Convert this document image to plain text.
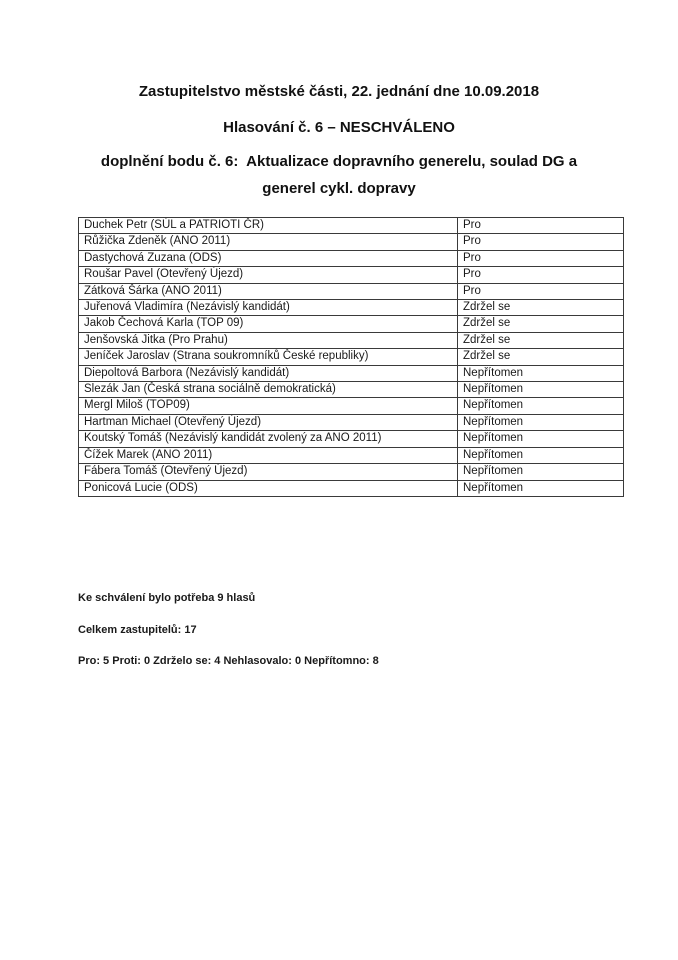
Zastupitelstvo městské části, 22. jednání dne 10.09.2018
Hlasování č. 6 – NESCHVÁLENO
doplnění bodu č. 6:  Aktualizace dopravního generelu, soulad DG a
generel cykl. dopravy
Duchek Petr (SÚL a PATRIOTI ČR)	Pro
Růžička Zdeněk (ANO 2011)	Pro
Dastychová Zuzana (ODS)	Pro
Roušar Pavel (Otevřený Újezd)	Pro
Zátková Šárka (ANO 2011)	Pro
Juřenová Vladimíra (Nezávislý kandidát)	Zdržel se
Jakob Čechová Karla (TOP 09)	Zdržel se
Jenšovská Jitka (Pro Prahu)	Zdržel se
Jeníček Jaroslav (Strana soukromníků České republiky)	Zdržel se
Diepoltová Barbora (Nezávislý kandidát)	Nepřítomen
Slezák Jan (Česká strana sociálně demokratická)	Nepřítomen
Mergl Miloš (TOP09)	Nepřítomen
Hartman Michael (Otevřený Újezd)	Nepřítomen
Koutský Tomáš (Nezávislý kandidát zvolený za ANO 2011)	Nepřítomen
Čížek Marek (ANO 2011)	Nepřítomen
Fábera Tomáš (Otevřený Újezd)	Nepřítomen
Ponicová Lucie (ODS)	Nepřítomen
Ke schválení bylo potřeba 9 hlasů
Celkem zastupitelů: 17
Pro: 5 Proti: 0 Zdrželo se: 4 Nehlasovalo: 0 Nepřítomno: 8
